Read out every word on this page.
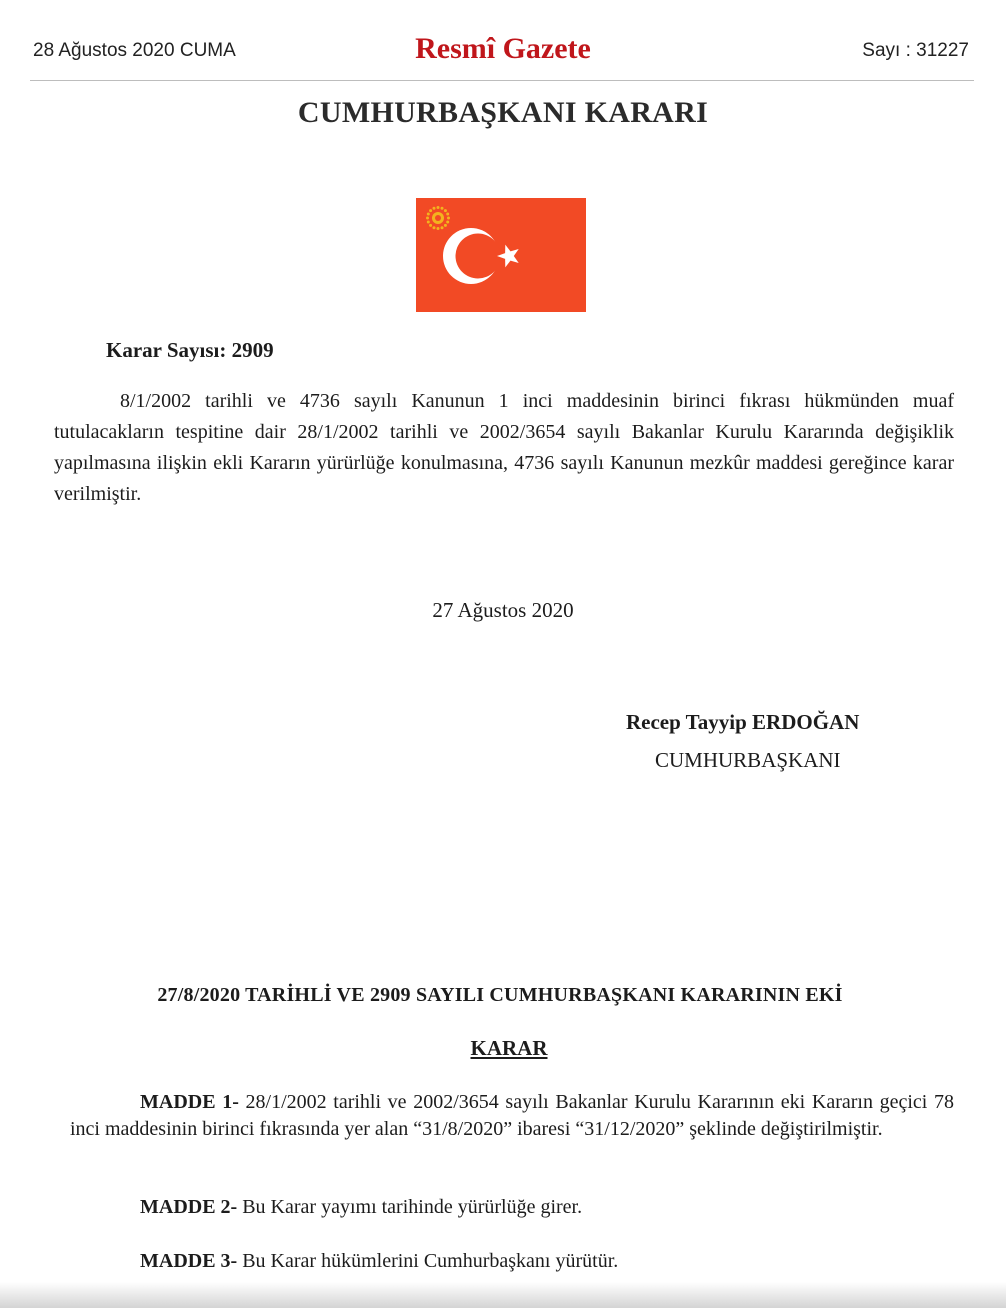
28 Ağustos 2020 CUMA	Resmî Gazete	Sayı : 31227
CUMHURBAŞKANI KARARI
Karar Sayısı: 2909
8/1/2002 tarihli ve 4736 sayılı Kanunun 1 inci maddesinin birinci fıkrası hükmünden muaf tutulacakların tespitine dair 28/1/2002 tarihli ve 2002/3654 sayılı Bakanlar Kurulu Kararında değişiklik yapılmasına ilişkin ekli Kararın yürürlüğe konulmasına, 4736 sayılı Kanunun mezkûr maddesi gereğince karar verilmiştir.
27 Ağustos 2020
Recep Tayyip ERDOĞAN
CUMHURBAŞKANI
27/8/2020 TARİHLİ VE 2909 SAYILI CUMHURBAŞKANI KARARININ EKİ
KARAR
MADDE 1- 28/1/2002 tarihli ve 2002/3654 sayılı Bakanlar Kurulu Kararının eki Kararın geçici 78 inci maddesinin birinci fıkrasında yer alan “31/8/2020” ibaresi “31/12/2020” şeklinde değiştirilmiştir.
MADDE 2- Bu Karar yayımı tarihinde yürürlüğe girer.
MADDE 3- Bu Karar hükümlerini Cumhurbaşkanı yürütür.
